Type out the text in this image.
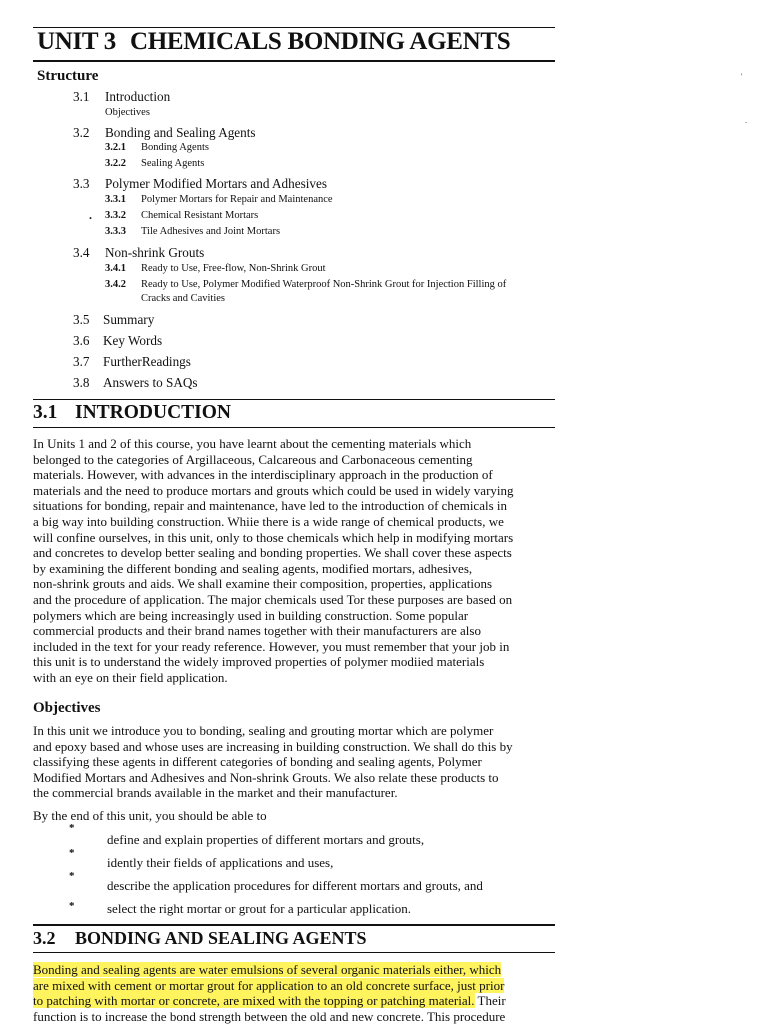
UNIT 3 CHEMICALS BONDING AGENTS
Structure
3.1	Introduction
Objectives
3.2	Bonding and Sealing Agents
3.2.1 Bonding Agents
3.2.2 Sealing Agents
3.3	Polymer Modified Mortars and Adhesives
3.3.1 Polymer Mortars for Repair and Maintenance
. 3.3.2 Chemical Resistant Mortars
3.3.3 Tile Adhesives and Joint Mortars
3.4	Non-shrink Grouts
3.4.1 Ready to Use, Free-flow, Non-Shrink Grout
3.4.2 Ready to Use, Polymer Modified Waterproof Non-Shrink Grout for Injection Filling of
Cracks and Cavities
3.5	Summary
3.6	Key Words
3.7	FurtherReadings
3.8	Answers to SAQs
3.1 INTRODUCTION
In Units 1 and 2 of this course, you have learnt about the cementing materials which
belonged to the categories of Argillaceous, Calcareous and Carbonaceous cementing
materials. However, with advances in the interdisciplinary approach in the production of
materials and the need to produce mortars and grouts which could be used in widely varying
situations for bonding, repair and maintenance, have led to the introduction of chemicals in
a big way into building construction. Whiie there is a wide range of chemical products, we
will confine ourselves, in this unit, only to those chemicals which help in modifying mortars
and concretes to develop better sealing and bonding properties. We shall cover these aspects
by examining the different bonding and sealing agents, modified mortars, adhesives,
non-shrink grouts and aids. We shall examine their composition, properties, applications
and the procedure of application. The major chemicals used Tor these purposes are based on
polymers which are being increasingly used in building construction. Some popular
commercial products and their brand names together with their manufacturers are also
included in the text for your ready reference. However, you must remember that your job in
this unit is to understand the widely improved properties of polymer modiied materials
with an eye on their field application.
Objectives
In this unit we introduce you to bonding, sealing and grouting mortar which are polymer
and epoxy based and whose uses are increasing in building construction. We shall do this by
classifying these agents in different categories of bonding and sealing agents, Polymer
Modified Mortars and Adhesives and Non-shrink Grouts. We also relate these products to
the commercial brands available in the market and their manufacturer.
By the end of this unit, you should be able to
*
define and explain properties of different mortars and grouts,
*
idently their fields of applications and uses,
*
describe the application procedures for different mortars and grouts, and
*	select the right mortar or grout for a particular application.
3.2 BONDING AND SEALING AGENTS
Bonding and sealing agents are water emulsions of several organic materials either, which
are mixed with cement or mortar grout for application to an old concrete surface, just prior
to patching with mortar or concrete, are mixed with the topping or patching material. Their
function is to increase the bond strength between the old and new concrete. This procedure
'
.
